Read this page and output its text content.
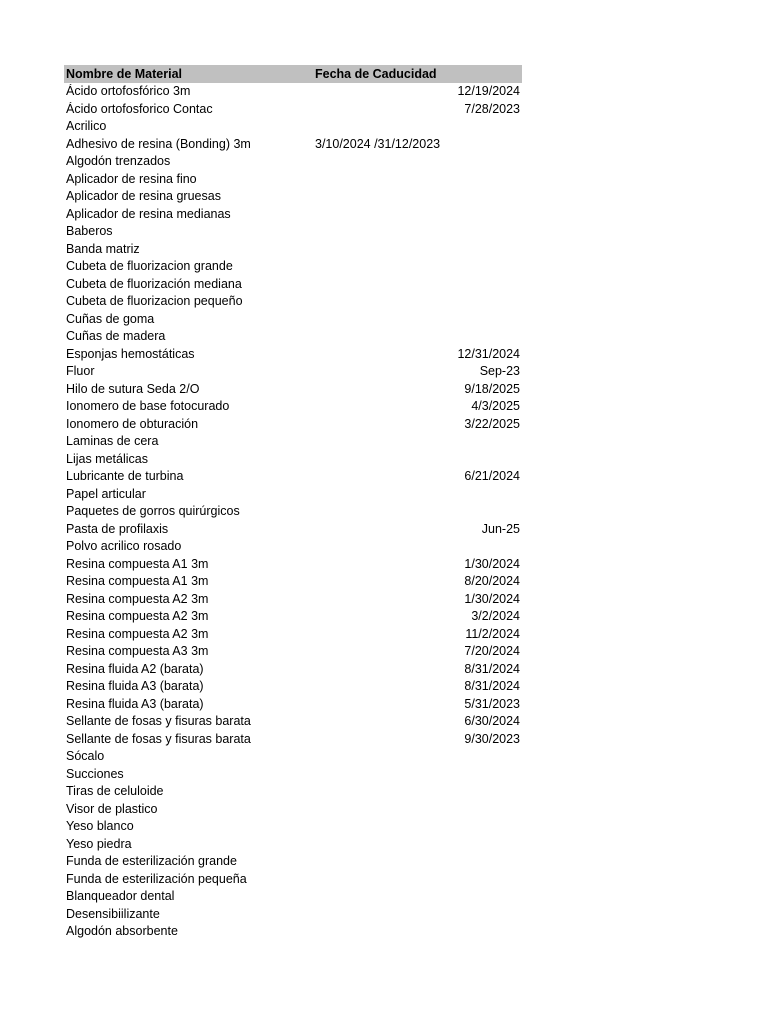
Nombre de Material	Fecha de Caducidad
Ácido ortofosfórico 3m	12/19/2024
Ácido ortofosforico Contac	7/28/2023
Acrilico
Adhesivo de resina (Bonding) 3m	3/10/2024 /31/12/2023
Algodón trenzados
Aplicador de resina fino
Aplicador de resina gruesas
Aplicador de resina medianas
Baberos
Banda matriz
Cubeta de fluorizacion grande
Cubeta de fluorización mediana
Cubeta de fluorizacion pequeño
Cuñas de goma
Cuñas de madera
Esponjas hemostáticas	12/31/2024
Fluor	Sep-23
Hilo de sutura Seda 2/O	9/18/2025
Ionomero de base fotocurado	4/3/2025
Ionomero de obturación	3/22/2025
Laminas de cera
Lijas metálicas
Lubricante de turbina	6/21/2024
Papel articular
Paquetes de gorros quirúrgicos
Pasta de profilaxis	Jun-25
Polvo acrilico rosado
Resina compuesta A1 3m	1/30/2024
Resina compuesta A1 3m	8/20/2024
Resina compuesta A2 3m	1/30/2024
Resina compuesta A2 3m	3/2/2024
Resina compuesta A2 3m	11/2/2024
Resina compuesta A3 3m	7/20/2024
Resina fluida A2 (barata)	8/31/2024
Resina fluida A3 (barata)	8/31/2024
Resina fluida A3 (barata)	5/31/2023
Sellante de fosas y fisuras barata	6/30/2024
Sellante de fosas y fisuras barata	9/30/2023
Sócalo
Succiones
Tiras de celuloide
Visor de plastico
Yeso blanco
Yeso piedra
Funda de esterilización grande
Funda de esterilización pequeña
Blanqueador dental
Desensibiilizante
Algodón absorbente
